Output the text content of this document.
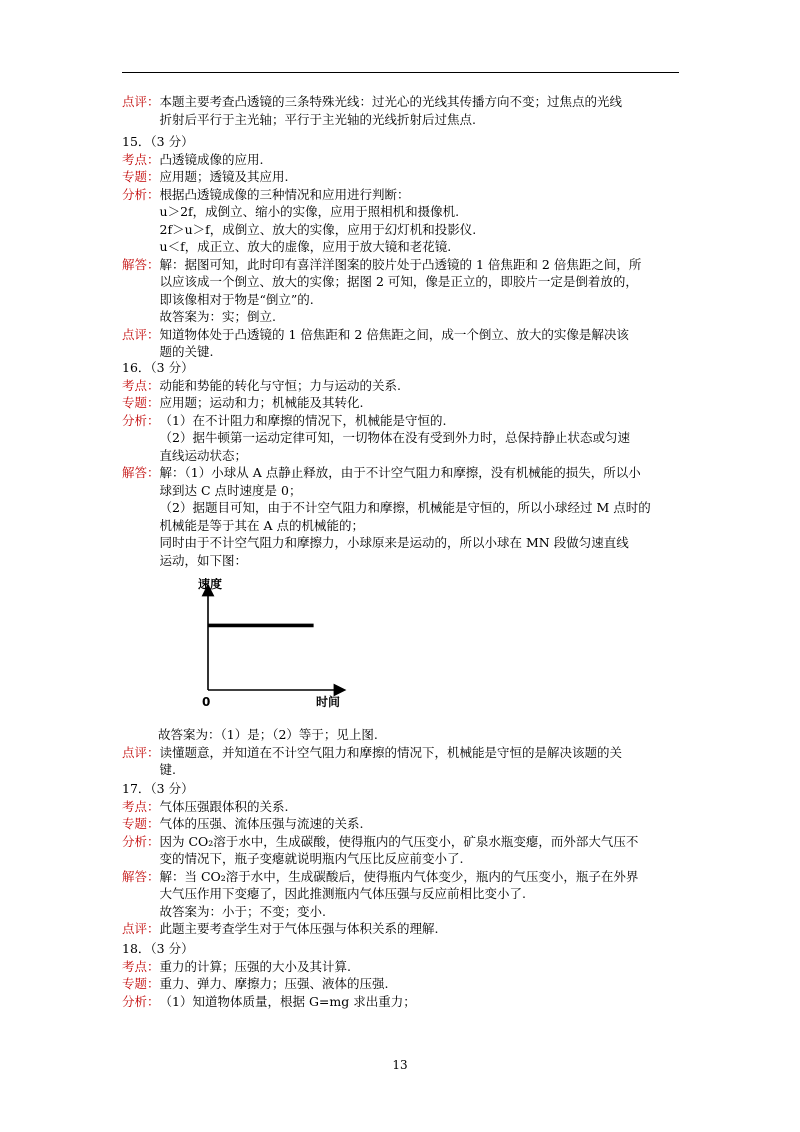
点评： 本题主要考查凸透镜的三条特殊光线：过光心的光线其传播方向不变；过焦点的光线
折射后平行于主光轴；平行于主光轴的光线折射后过焦点.
15．（3 分）
考点： 凸透镜成像的应用.
专题： 应用题；透镜及其应用.
分析： 根据凸透镜成像的三种情况和应用进行判断：
u＞2f，成倒立、缩小的实像，应用于照相机和摄像机.
2f＞u＞f，成倒立、放大的实像，应用于幻灯机和投影仪.
u＜f，成正立、放大的虚像，应用于放大镜和老花镜.
解答： 解：据图可知，此时印有喜洋洋图案的胶片处于凸透镜的 1 倍焦距和 2 倍焦距之间，所
以应该成一个倒立、放大的实像；据图 2 可知，像是正立的，即胶片一定是倒着放的，
即该像相对于物是“倒立”的.
故答案为：实；倒立.
点评： 知道物体处于凸透镜的 1 倍焦距和 2 倍焦距之间，成一个倒立、放大的实像是解决该
题的关键.
16．（3 分）
考点： 动能和势能的转化与守恒；力与运动的关系.
专题： 应用题；运动和力；机械能及其转化.
分析： （1）在不计阻力和摩擦的情况下，机械能是守恒的.
（2）据牛顿第一运动定律可知，一切物体在没有受到外力时，总保持静止状态或匀速
直线运动状态；
解答： 解：（1）小球从 A 点静止释放，由于不计空气阻力和摩擦，没有机械能的损失，所以小
球到达 C 点时速度是 0；
（2）据题目可知，由于不计空气阻力和摩擦，机械能是守恒的，所以小球经过 M 点时的
机械能是等于其在 A 点的机械能的；
同时由于不计空气阻力和摩擦力，小球原来是运动的，所以小球在 MN 段做匀速直线
运动，如下图：
速度
0	时间
故答案为：（1）是；（2）等于；见上图.
点评： 读懂题意，并知道在不计空气阻力和摩擦的情况下，机械能是守恒的是解决该题的关
键.
17．（3 分）
考点： 气体压强跟体积的关系.
专题： 气体的压强、流体压强与流速的关系.
分析： 因为 CO₂溶于水中，生成碳酸，使得瓶内的气压变小，矿泉水瓶变瘪，而外部大气压不
变的情况下，瓶子变瘪就说明瓶内气压比反应前变小了.
解答： 解：当 CO₂溶于水中，生成碳酸后，使得瓶内气体变少，瓶内的气压变小，瓶子在外界
大气压作用下变瘪了，因此推测瓶内气体压强与反应前相比变小了.
故答案为：小于；不变；变小.
点评： 此题主要考查学生对于气体压强与体积关系的理解.
18．（3 分）
考点： 重力的计算；压强的大小及其计算.
专题： 重力、弹力、摩擦力；压强、液体的压强.
分析： （1）知道物体质量，根据 G=mg 求出重力；
13
